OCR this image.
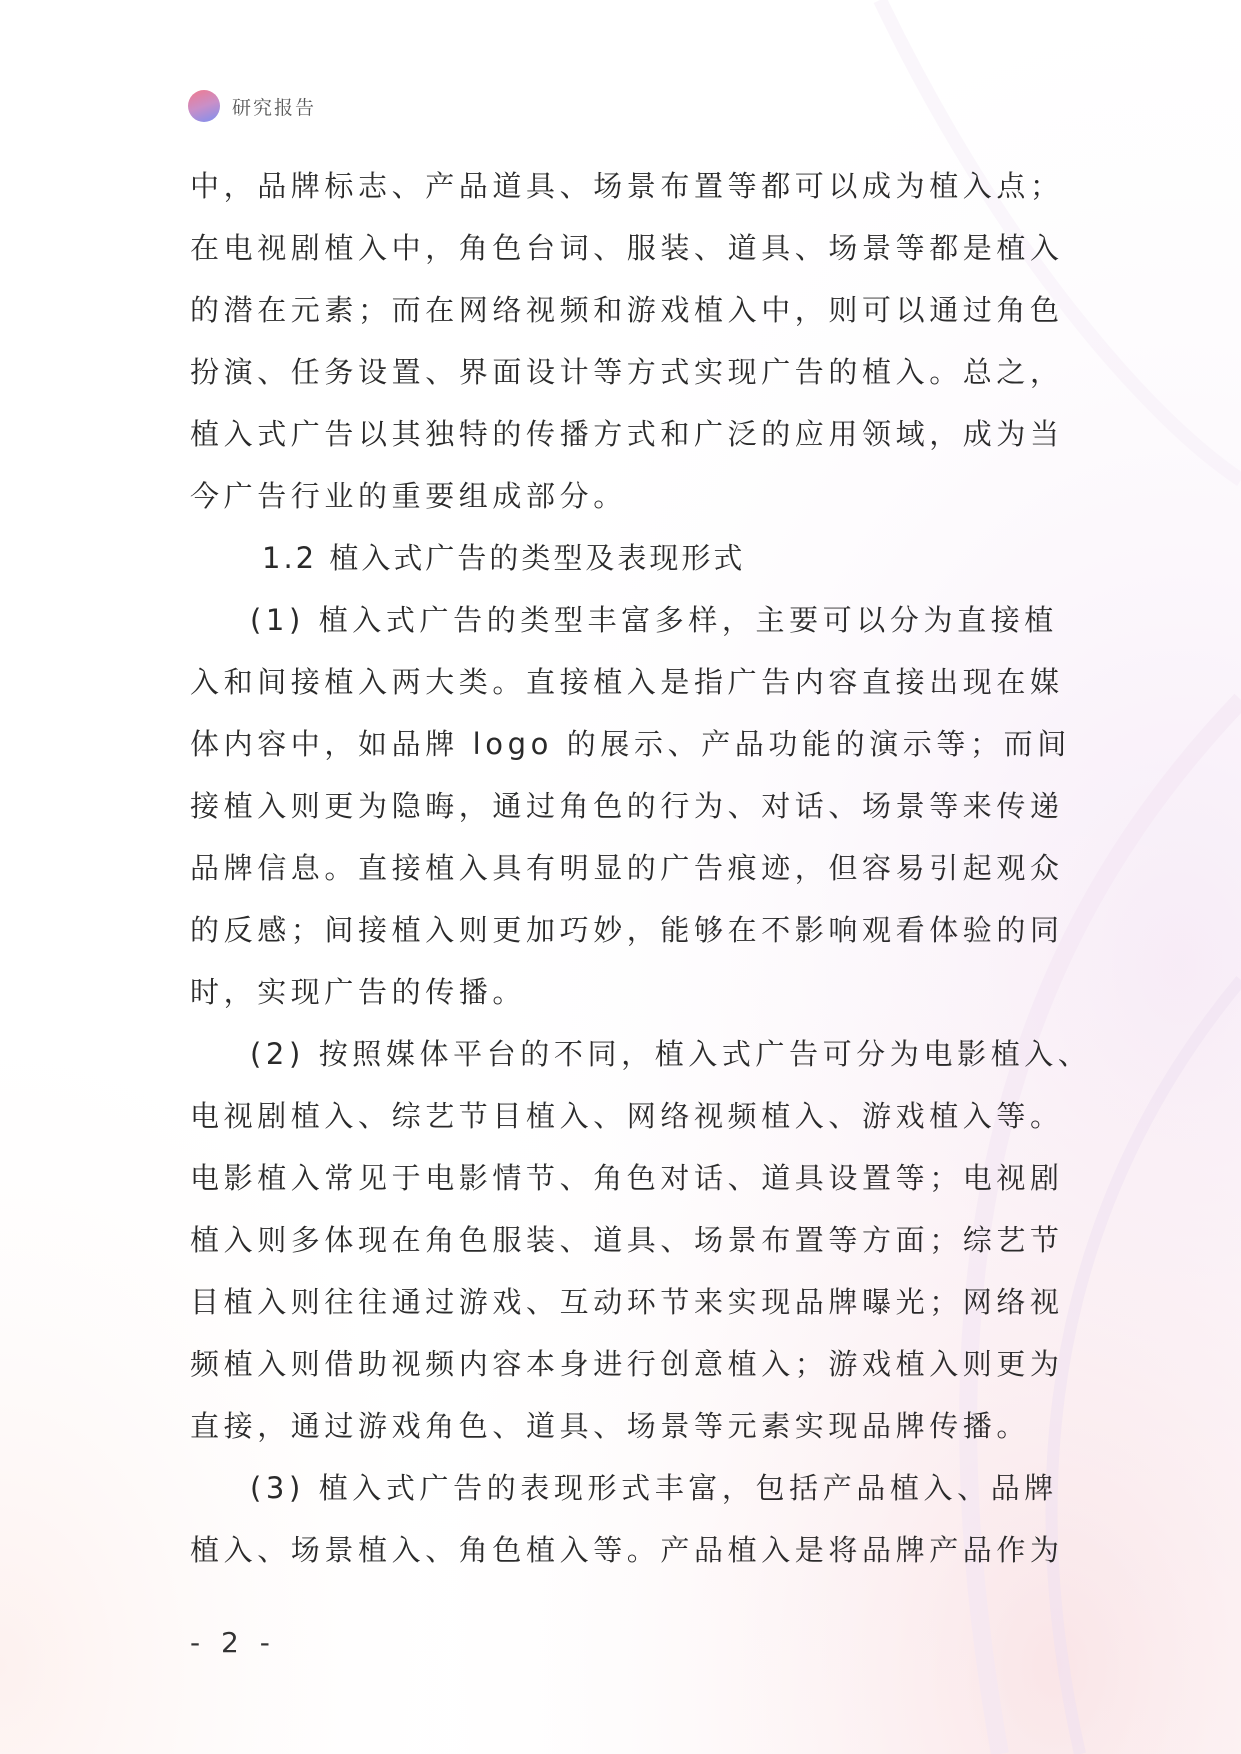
研究报告
中，品牌标志、产品道具、场景布置等都可以成为植入点；
在电视剧植入中，角色台词、服装、道具、场景等都是植入
的潜在元素；而在网络视频和游戏植入中，则可以通过角色
扮演、任务设置、界面设计等方式实现广告的植入。总之，
植入式广告以其独特的传播方式和广泛的应用领域，成为当
今广告行业的重要组成部分。
1.2 植入式广告的类型及表现形式
(1) 植入式广告的类型丰富多样，主要可以分为直接植
入和间接植入两大类。直接植入是指广告内容直接出现在媒
体内容中，如品牌 logo 的展示、产品功能的演示等；而间
接植入则更为隐晦，通过角色的行为、对话、场景等来传递
品牌信息。直接植入具有明显的广告痕迹，但容易引起观众
的反感；间接植入则更加巧妙，能够在不影响观看体验的同
时，实现广告的传播。
(2) 按照媒体平台的不同，植入式广告可分为电影植入、
电视剧植入、综艺节目植入、网络视频植入、游戏植入等。
电影植入常见于电影情节、角色对话、道具设置等；电视剧
植入则多体现在角色服装、道具、场景布置等方面；综艺节
目植入则往往通过游戏、互动环节来实现品牌曝光；网络视
频植入则借助视频内容本身进行创意植入；游戏植入则更为
直接，通过游戏角色、道具、场景等元素实现品牌传播。
(3) 植入式广告的表现形式丰富，包括产品植入、品牌
植入、场景植入、角色植入等。产品植入是将品牌产品作为
- 2 -
